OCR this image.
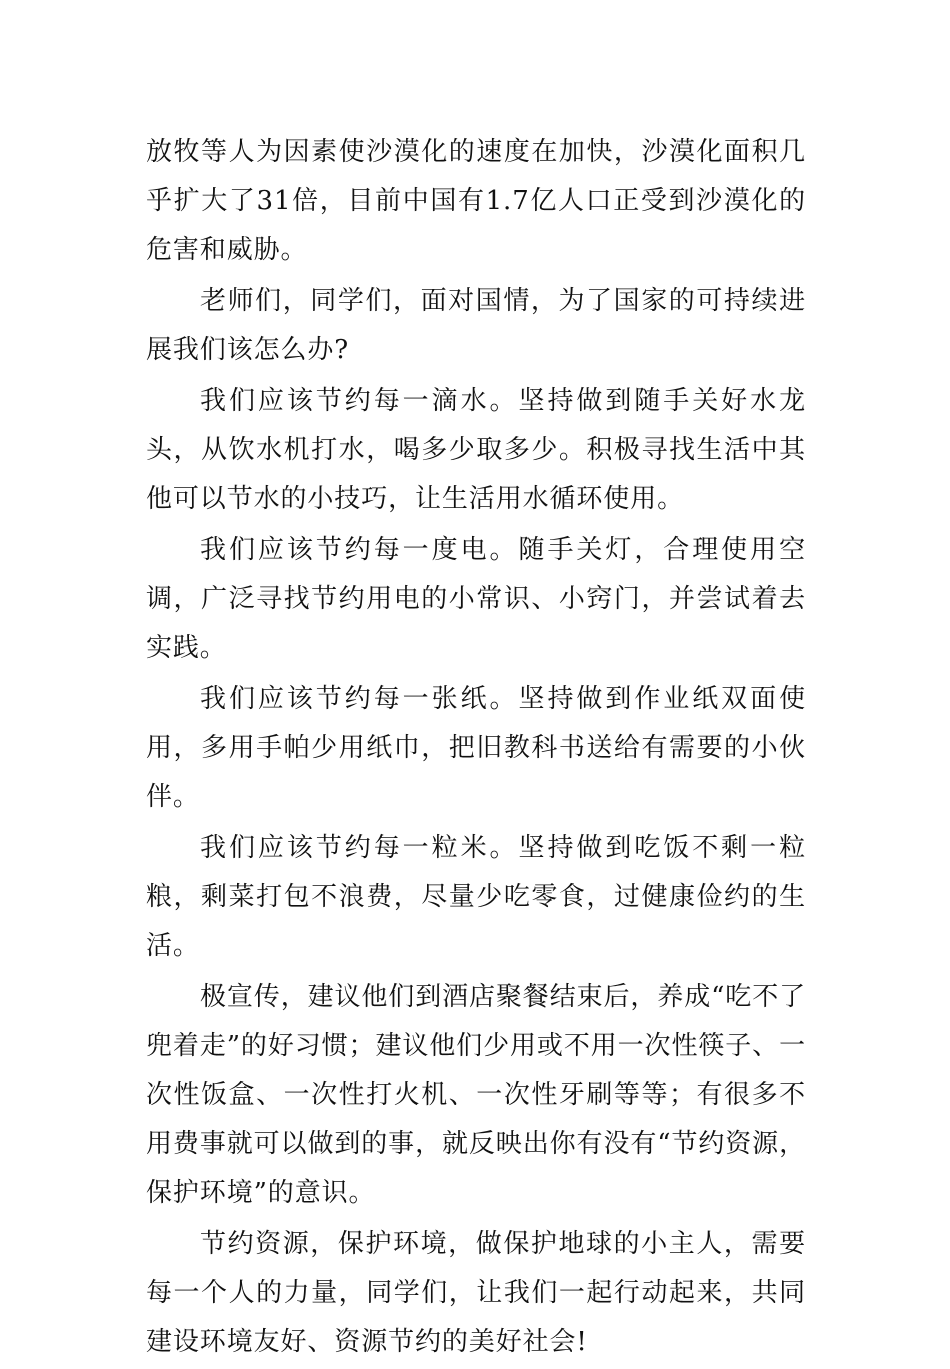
放牧等人为因素使沙漠化的速度在加快，沙漠化面积几乎扩大了31倍，目前中国有1.7亿人口正受到沙漠化的危害和威胁。

老师们，同学们，面对国情，为了国家的可持续进展我们该怎么办?

我们应该节约每一滴水。坚持做到随手关好水龙头，从饮水机打水，喝多少取多少。积极寻找生活中其他可以节水的小技巧，让生活用水循环使用。

我们应该节约每一度电。随手关灯，合理使用空调，广泛寻找节约用电的小常识、小窍门，并尝试着去实践。

我们应该节约每一张纸。坚持做到作业纸双面使用，多用手帕少用纸巾，把旧教科书送给有需要的小伙伴。

我们应该节约每一粒米。坚持做到吃饭不剩一粒粮，剩菜打包不浪费，尽量少吃零食，过健康俭约的生活。

极宣传，建议他们到酒店聚餐结束后，养成“吃不了兜着走”的好习惯；建议他们少用或不用一次性筷子、一次性饭盒、一次性打火机、一次性牙刷等等；有很多不用费事就可以做到的事，就反映出你有没有“节约资源，保护环境”的意识。

节约资源，保护环境，做保护地球的小主人，需要每一个人的力量，同学们，让我们一起行动起来，共同建设环境友好、资源节约的美好社会!
